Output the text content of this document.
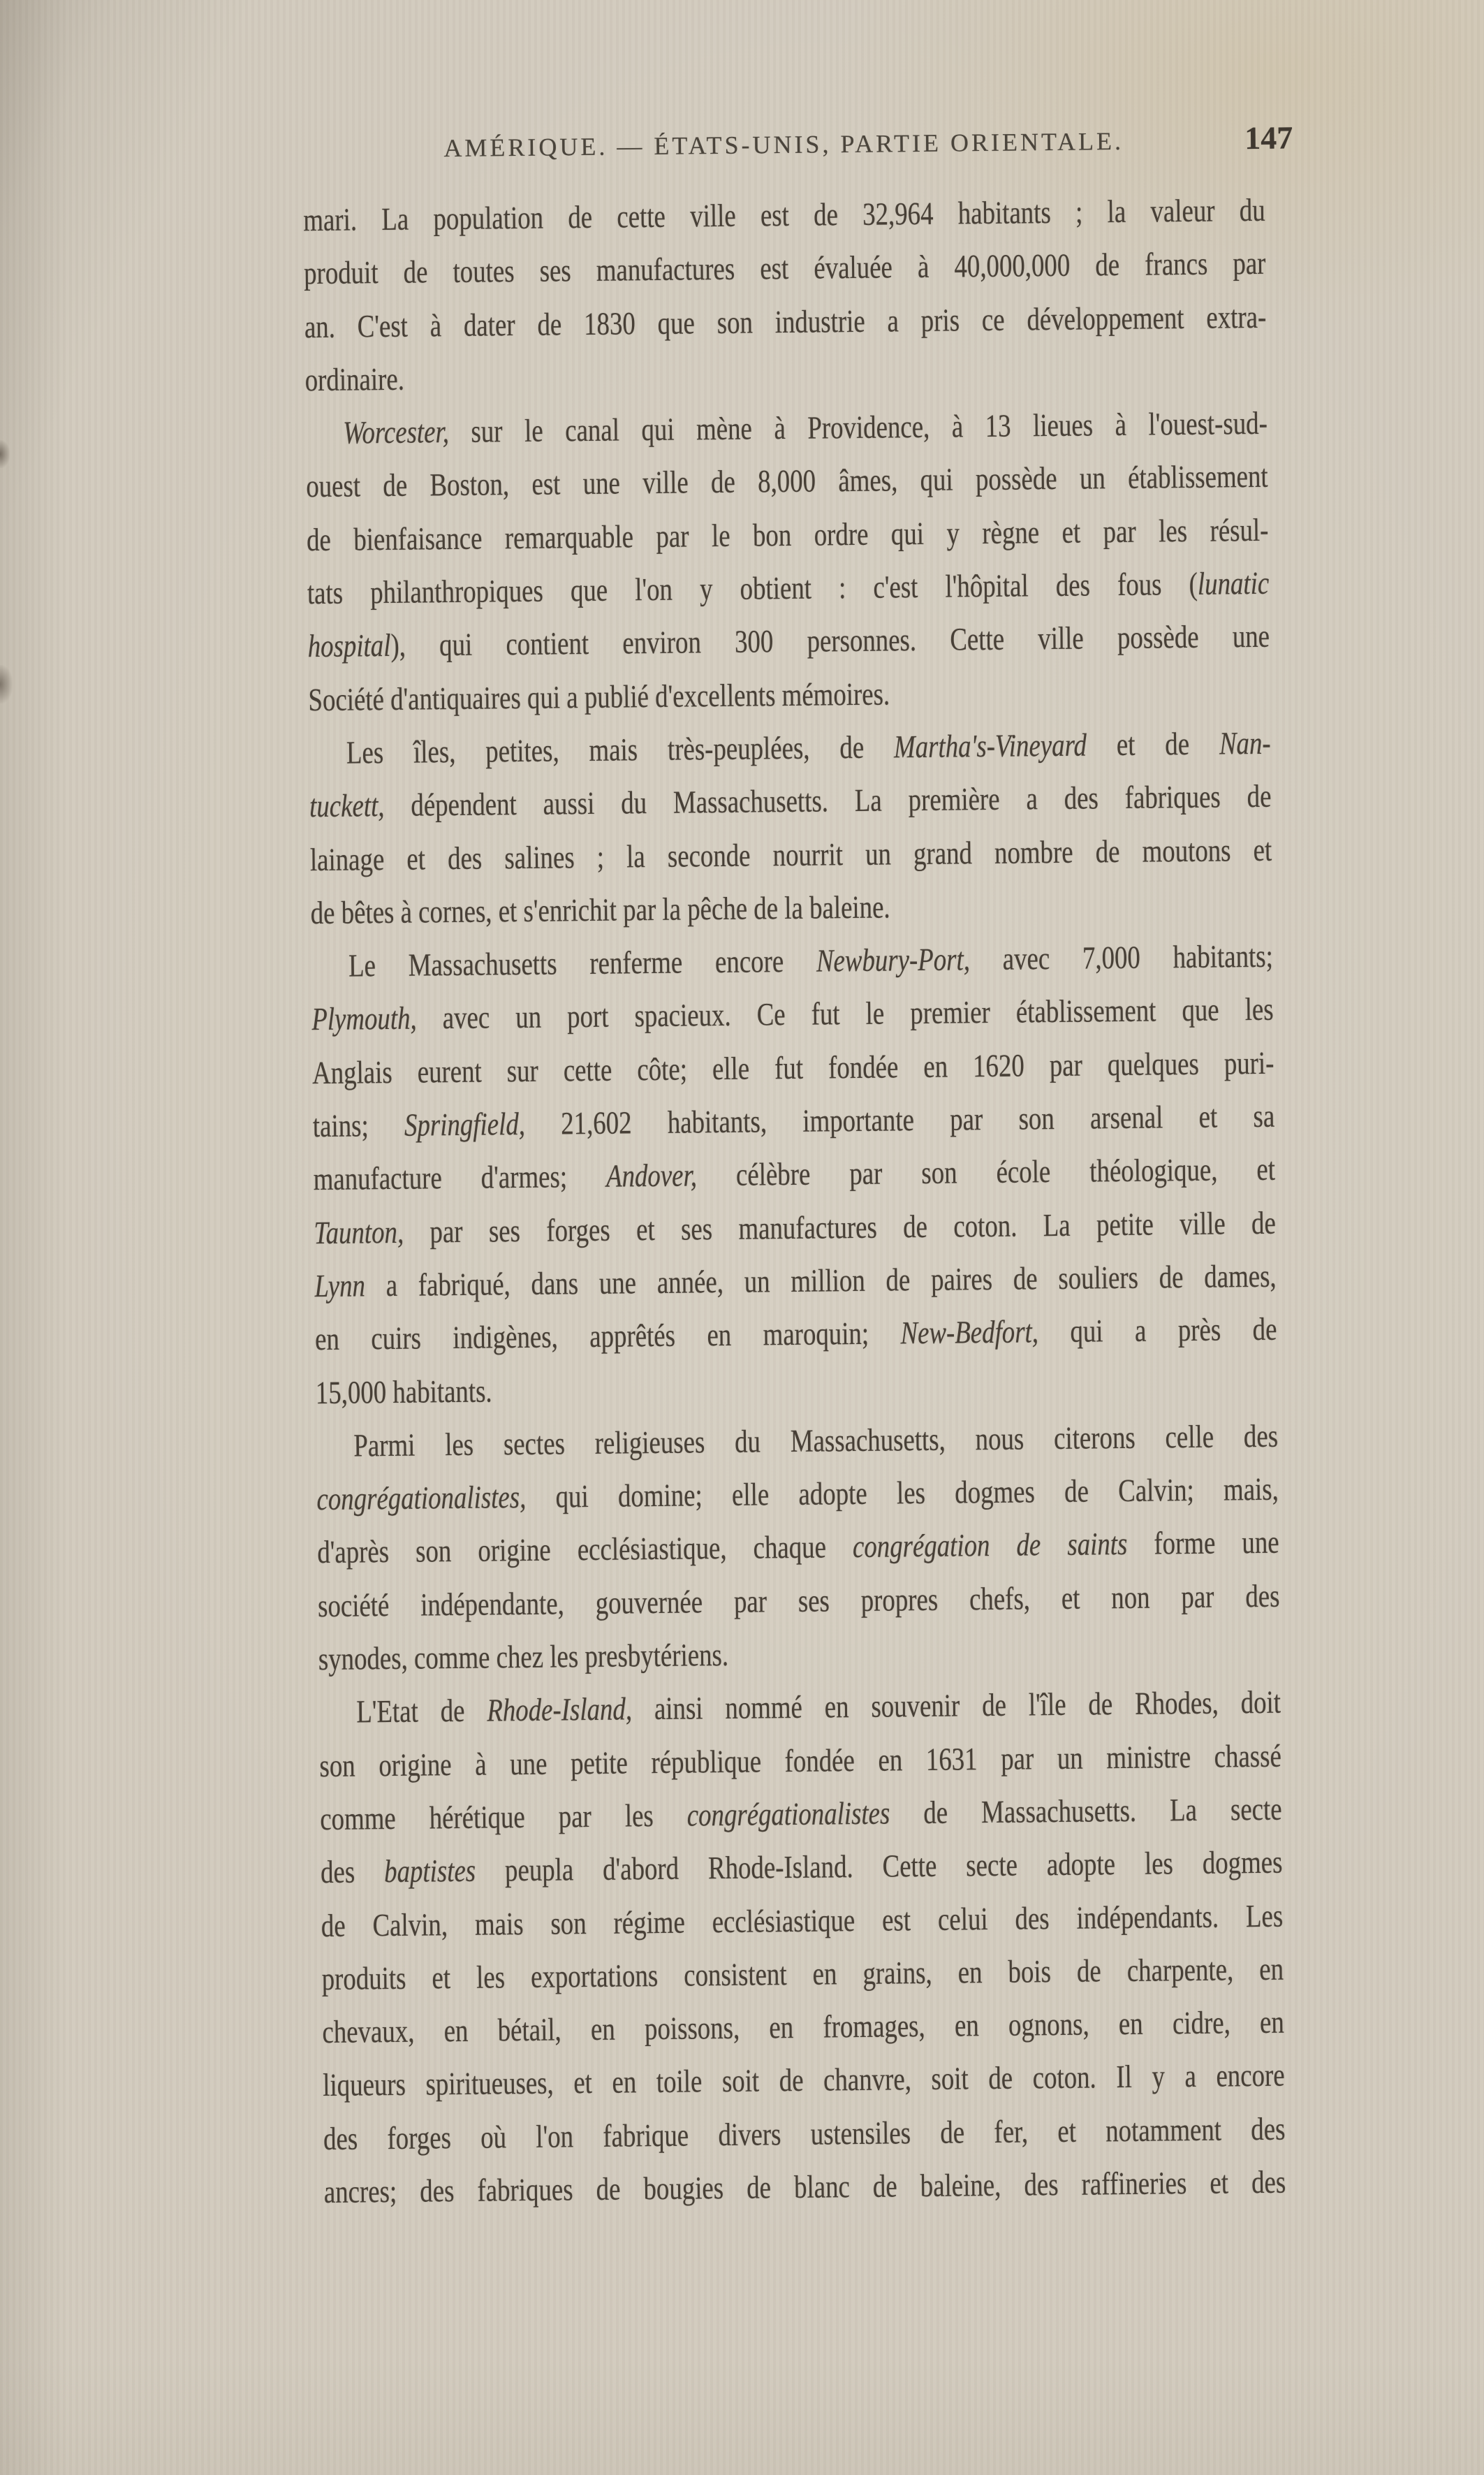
AMÉRIQUE. — ÉTATS-UNIS, PARTIE ORIENTALE.	147
mari. La population de cette ville est de 32,964 habitants ; la valeur du
produit de toutes ses manufactures est évaluée à 40,000,000 de francs par
an. C'est à dater de 1830 que son industrie a pris ce développement extra-
ordinaire.
Worcester, sur le canal qui mène à Providence, à 13 lieues à l'ouest-sud-
ouest de Boston, est une ville de 8,000 âmes, qui possède un établissement
de bienfaisance remarquable par le bon ordre qui y règne et par les résul-
tats philanthropiques que l'on y obtient : c'est l'hôpital des fous (lunatic
hospital), qui contient environ 300 personnes. Cette ville possède une
Société d'antiquaires qui a publié d'excellents mémoires.
Les îles, petites, mais très-peuplées, de Martha's-Vineyard et de Nan-
tuckett, dépendent aussi du Massachusetts. La première a des fabriques de
lainage et des salines ; la seconde nourrit un grand nombre de moutons et
de bêtes à cornes, et s'enrichit par la pêche de la baleine.
Le Massachusetts renferme encore Newbury-Port, avec 7,000 habitants;
Plymouth, avec un port spacieux. Ce fut le premier établissement que les
Anglais eurent sur cette côte; elle fut fondée en 1620 par quelques puri-
tains; Springfield, 21,602 habitants, importante par son arsenal et sa
manufacture d'armes; Andover, célèbre par son école théologique, et
Taunton, par ses forges et ses manufactures de coton. La petite ville de
Lynn a fabriqué, dans une année, un million de paires de souliers de dames,
en cuirs indigènes, apprêtés en maroquin; New-Bedfort, qui a près de
15,000 habitants.
Parmi les sectes religieuses du Massachusetts, nous citerons celle des
congrégationalistes, qui domine; elle adopte les dogmes de Calvin; mais,
d'après son origine ecclésiastique, chaque congrégation de saints forme une
société indépendante, gouvernée par ses propres chefs, et non par des
synodes, comme chez les presbytériens.
L'Etat de Rhode-Island, ainsi nommé en souvenir de l'île de Rhodes, doit
son origine à une petite république fondée en 1631 par un ministre chassé
comme hérétique par les congrégationalistes de Massachusetts. La secte
des baptistes peupla d'abord Rhode-Island. Cette secte adopte les dogmes
de Calvin, mais son régime ecclésiastique est celui des indépendants. Les
produits et les exportations consistent en grains, en bois de charpente, en
chevaux, en bétail, en poissons, en fromages, en ognons, en cidre, en
liqueurs spiritueuses, et en toile soit de chanvre, soit de coton. Il y a encore
des forges où l'on fabrique divers ustensiles de fer, et notamment des
ancres; des fabriques de bougies de blanc de baleine, des raffineries et des
